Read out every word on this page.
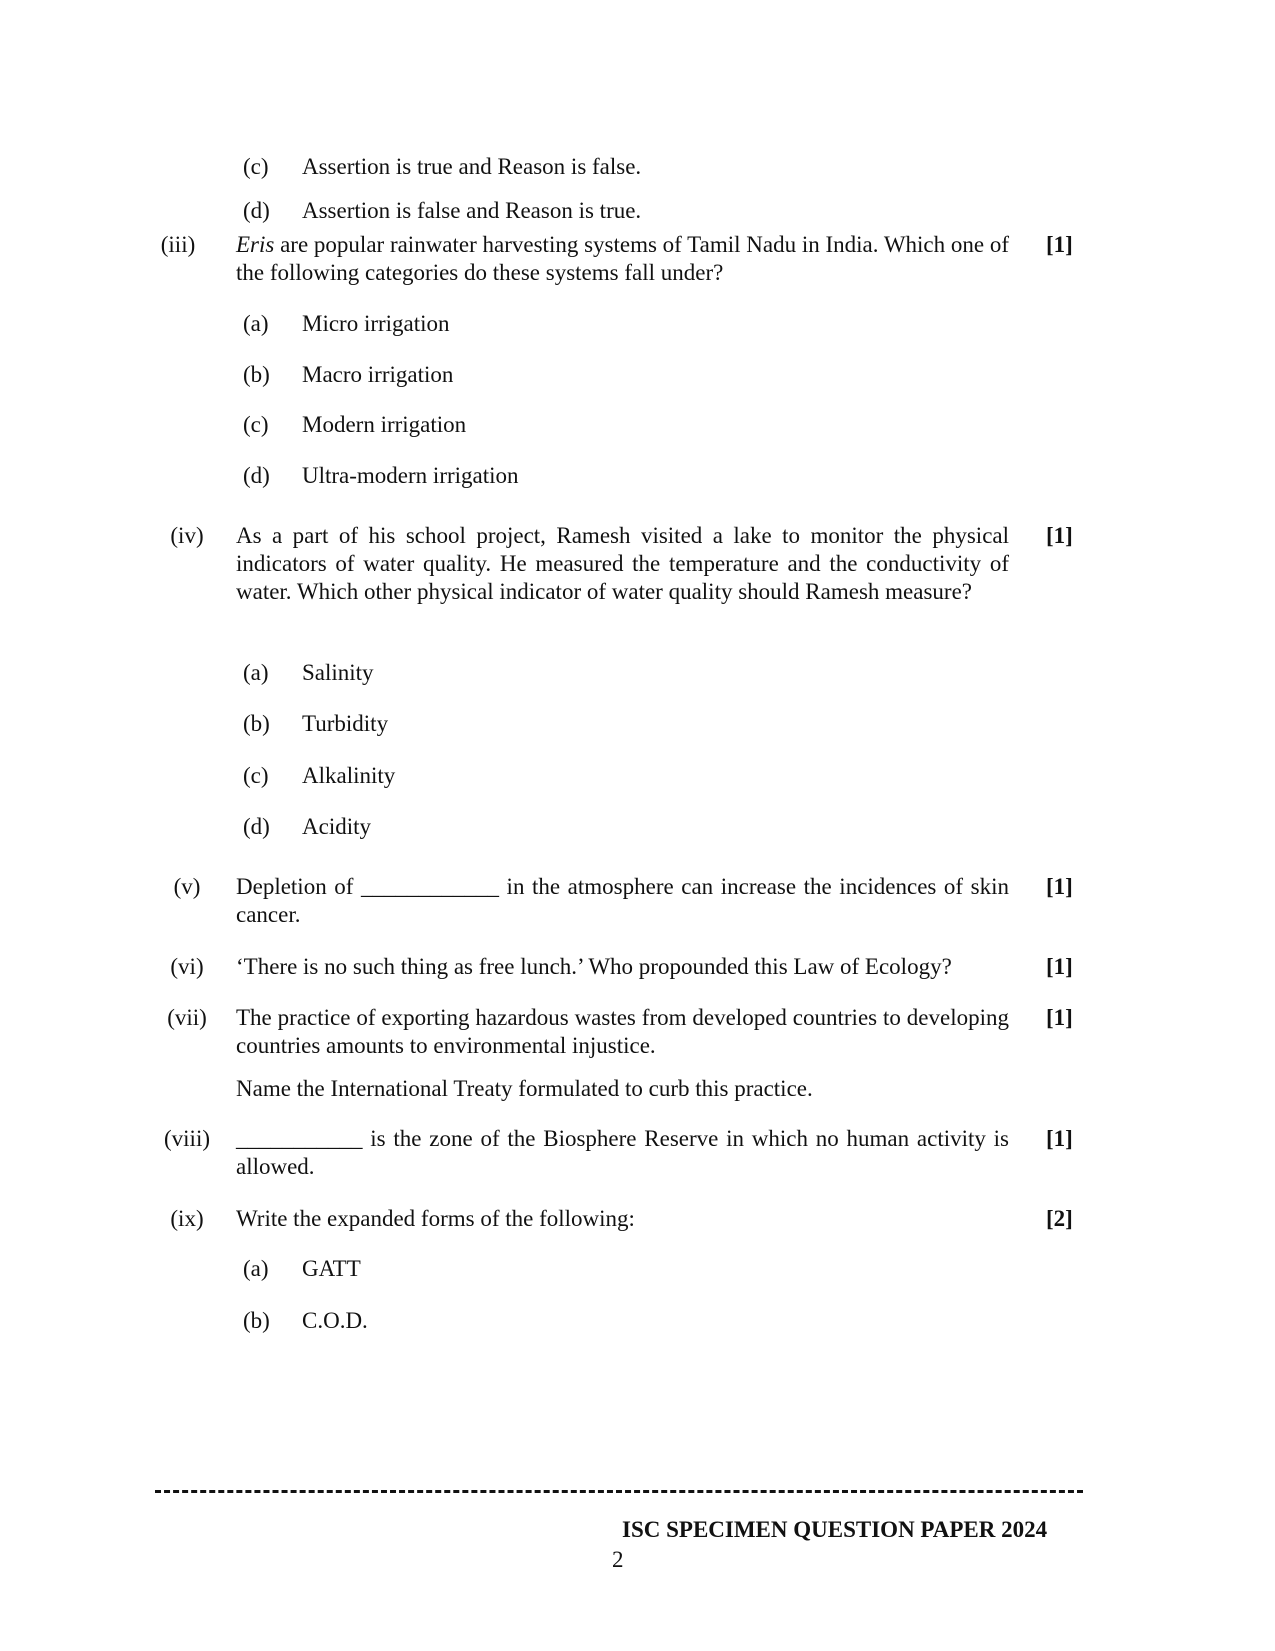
(c) Assertion is true and Reason is false.
(d) Assertion is false and Reason is true.
(iii)	Eris are popular rainwater harvesting systems of Tamil Nadu in India. Which one of the following categories do these systems fall under?
[1]
(a) Micro irrigation
(b) Macro irrigation
(c) Modern irrigation
(d) Ultra-modern irrigation
(iv)	As a part of his school project, Ramesh visited a lake to monitor the physical indicators of water quality. He measured the temperature and the conductivity of water. Which other physical indicator of water quality should Ramesh measure?
[1]
(a) Salinity
(b) Turbidity
(c) Alkalinity
(d) Acidity
(v)	Depletion of ____________ in the atmosphere can increase the incidences of skin cancer.
[1]
(vi)	‘There is no such thing as free lunch.’ Who propounded this Law of Ecology?	[1]
(vii)	The practice of exporting hazardous wastes from developed countries to developing countries amounts to environmental injustice.
Name the International Treaty formulated to curb this practice.
[1]
(viii)	___________ is the zone of the Biosphere Reserve in which no human activity is allowed.
[1]
(ix)	Write the expanded forms of the following:	[2]
(a) GATT
(b) C.O.D.
ISC SPECIMEN QUESTION PAPER 2024
2
